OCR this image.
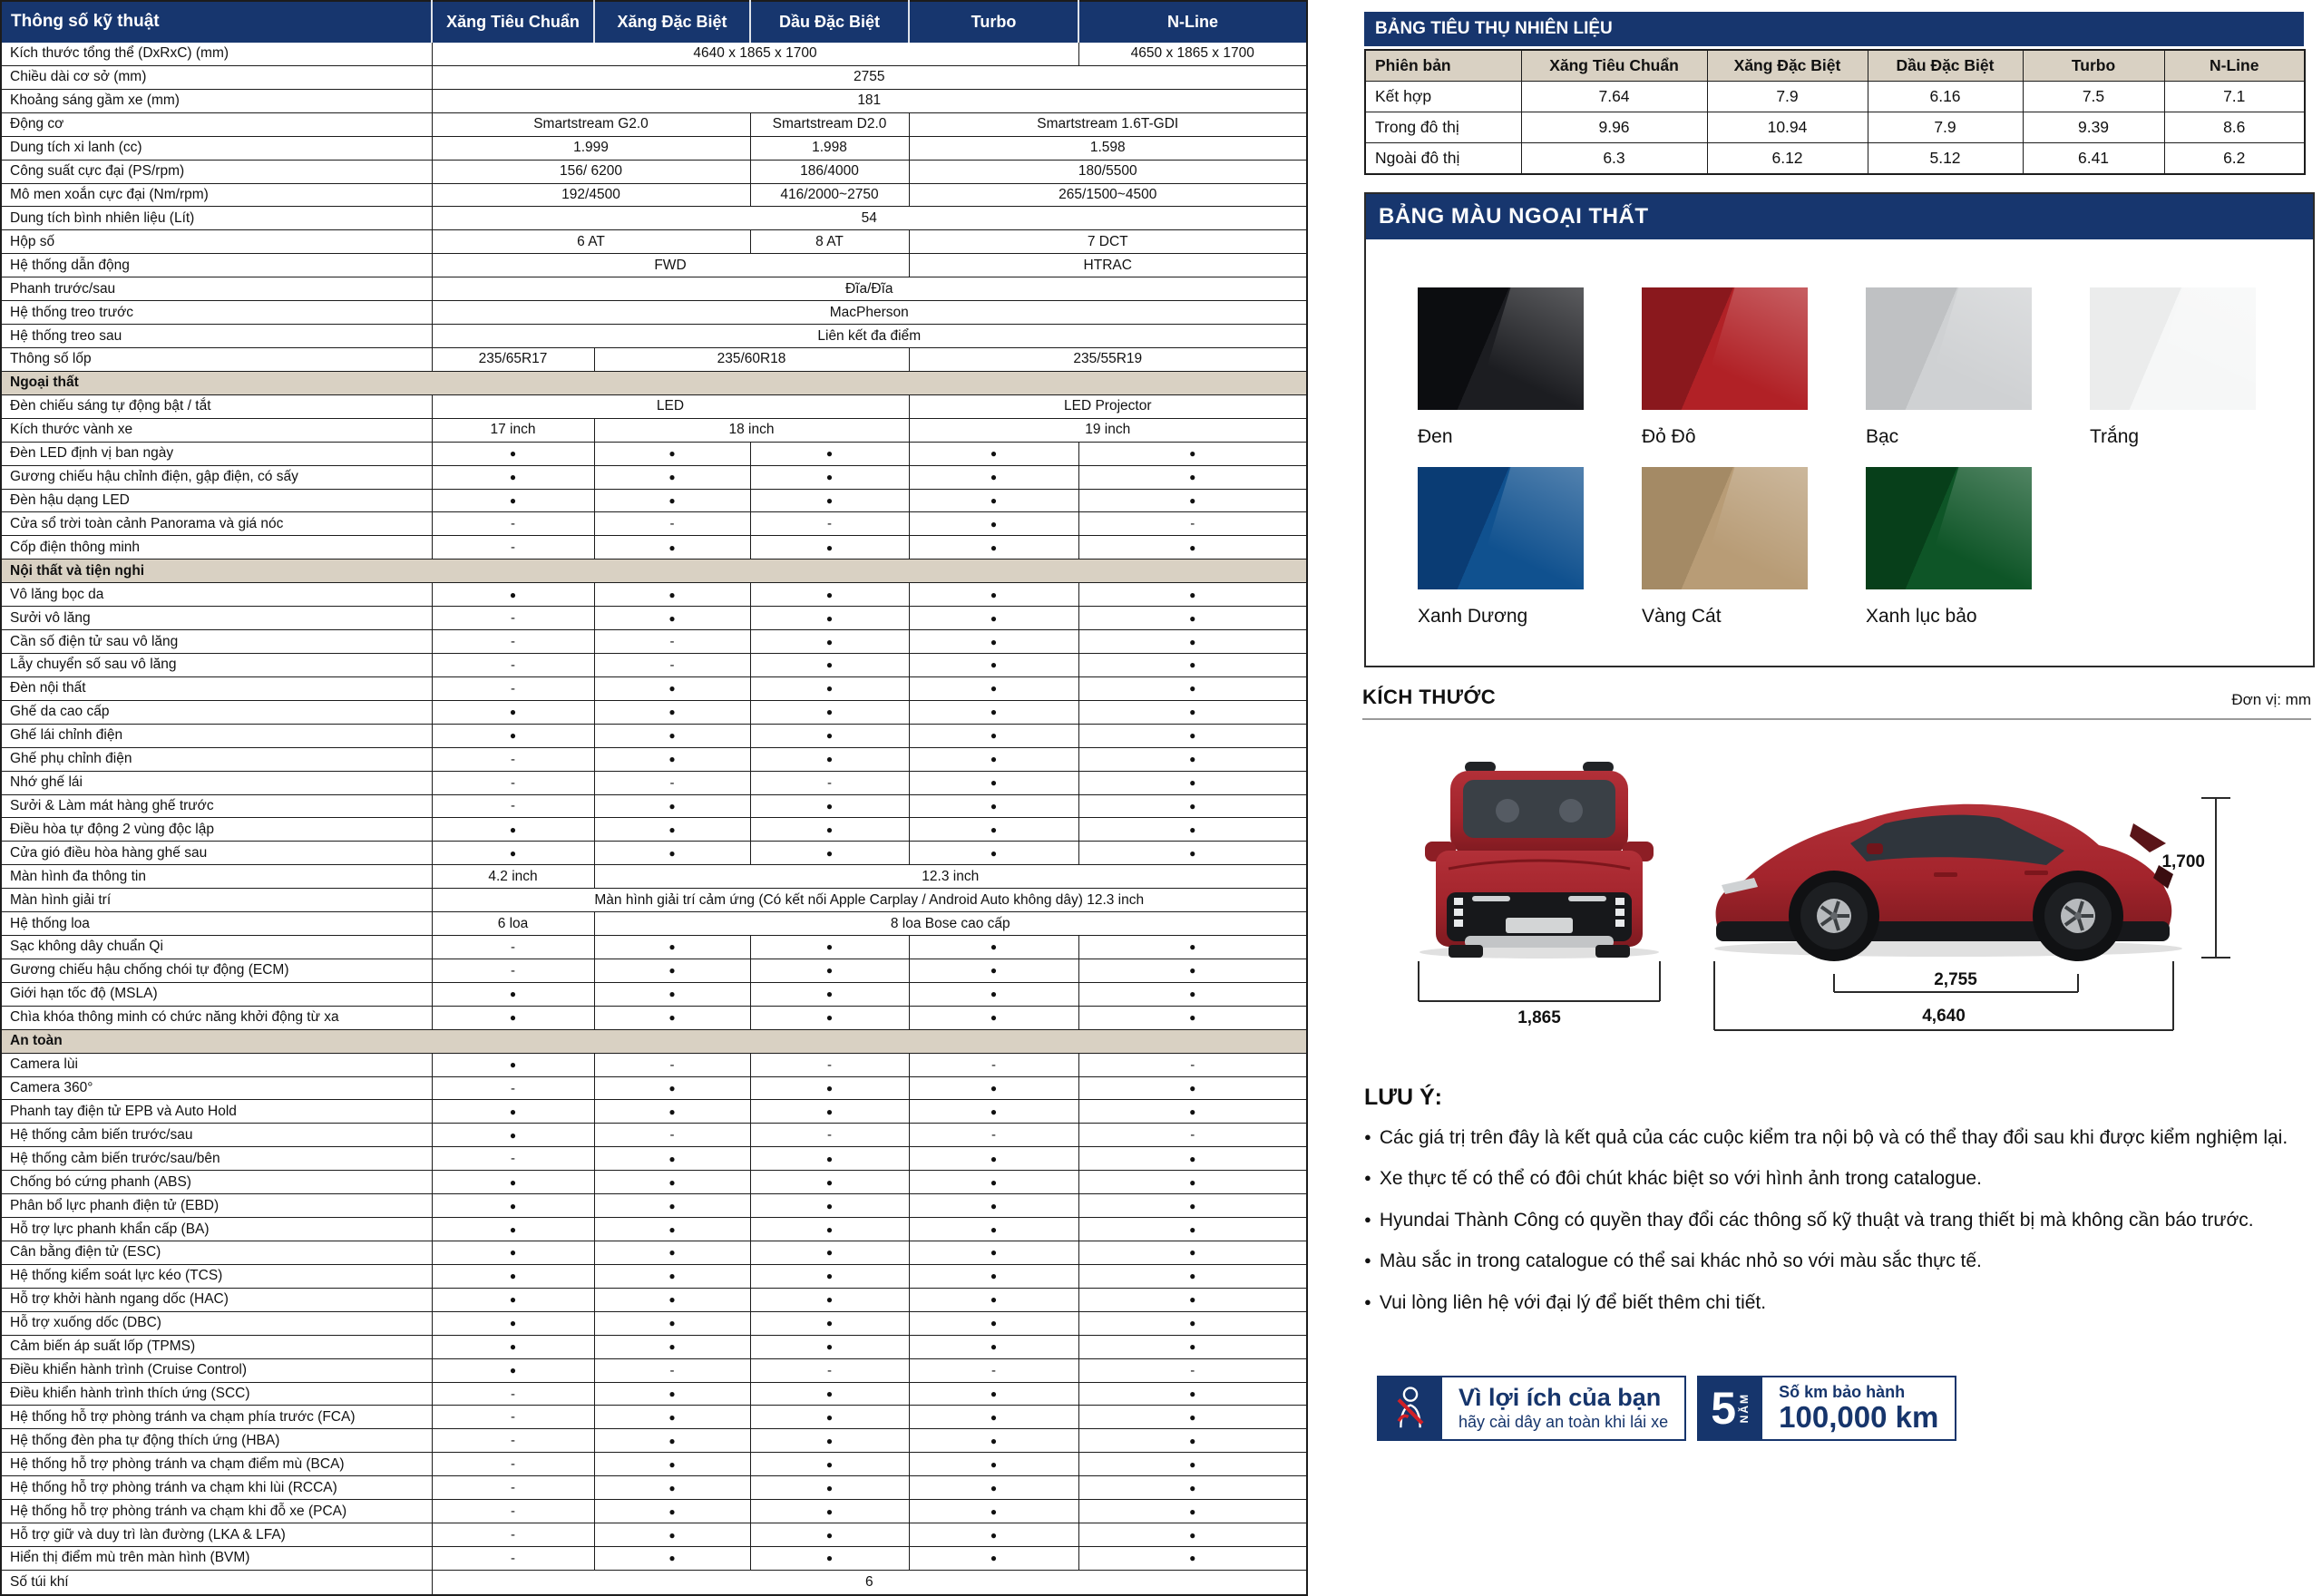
Thông số kỹ thuật	Xăng Tiêu Chuẩn	Xăng Đặc Biệt	Dầu Đặc Biệt	Turbo	N-Line
Kích thước tổng thể (DxRxC) (mm)	4640 x 1865 x 1700				4650 x 1865 x 1700
Chiều dài cơ sở (mm)	2755				
Khoảng sáng gầm xe (mm)	181				
Động cơ	Smartstream G2.0		Smartstream D2.0	Smartstream 1.6T-GDI	
Dung tích xi lanh (cc)	1.999		1.998	1.598	
Công suất cực đại (PS/rpm)	156/ 6200		186/4000	180/5500	
Mô men xoắn cực đại (Nm/rpm)	192/4500		416/2000~2750	265/1500~4500	
Dung tích bình nhiên liệu (Lít)	54				
Hộp số	6 AT		8 AT	7 DCT	
Hệ thống dẫn động	FWD			HTRAC	
Phanh trước/sau	Đĩa/Đĩa				
Hệ thống treo trước	MacPherson				
Hệ thống treo sau	Liên kết đa điểm				
Thông số lốp	235/65R17	235/60R18		235/55R19	
Ngoại thất					
Đèn chiếu sáng tự động bật / tắt	LED			LED Projector	
Kích thước vành xe	17 inch	18 inch		19 inch	
Đèn LED định vị ban ngày	●	●	●	●	●
Gương chiếu hậu chỉnh điện, gập điện, có sấy	●	●	●	●	●
Đèn hậu dạng LED	●	●	●	●	●
Cửa sổ trời toàn cảnh Panorama và giá nóc	-	-	-	●	-
Cốp điện thông minh	-	●	●	●	●
Nội thất và tiện nghi					
Vô lăng bọc da	●	●	●	●	●
Sưởi vô lăng	-	●	●	●	●
Cần số điện tử sau vô lăng	-	-	●	●	●
Lẫy chuyển số sau vô lăng	-	-	●	●	●
Đèn nội thất	-	●	●	●	●
Ghế da cao cấp	●	●	●	●	●
Ghế lái chỉnh điện	●	●	●	●	●
Ghế phụ chỉnh điện	-	●	●	●	●
Nhớ ghế lái	-	-	-	●	●
Sưởi & Làm mát hàng ghế trước	-	●	●	●	●
Điều hòa tự động 2 vùng độc lập	●	●	●	●	●
Cửa gió điều hòa hàng ghế sau	●	●	●	●	●
Màn hình đa thông tin	4.2 inch	12.3 inch			
Màn hình giải trí	Màn hình giải trí cảm ứng (Có kết nối Apple Carplay / Android Auto không dây) 12.3 inch				
Hệ thống loa	6 loa	8 loa Bose cao cấp			
Sạc không dây chuẩn Qi	-	●	●	●	●
Gương chiếu hậu chống chói tự động (ECM)	-	●	●	●	●
Giới hạn tốc độ (MSLA)	●	●	●	●	●
Chìa khóa thông minh có chức năng khởi động từ xa	●	●	●	●	●
An toàn					
Camera lùi	●	-	-	-	-
Camera 360°	-	●	●	●	●
Phanh tay điện tử EPB và Auto Hold	●	●	●	●	●
Hệ thống cảm biến trước/sau	●	-	-	-	-
Hệ thống cảm biến trước/sau/bên	-	●	●	●	●
Chống bó cứng phanh (ABS)	●	●	●	●	●
Phân bổ lực phanh điện tử (EBD)	●	●	●	●	●
Hỗ trợ lực phanh khẩn cấp (BA)	●	●	●	●	●
Cân bằng điện tử (ESC)	●	●	●	●	●
Hệ thống kiểm soát lực kéo (TCS)	●	●	●	●	●
Hỗ trợ khởi hành ngang dốc (HAC)	●	●	●	●	●
Hỗ trợ xuống dốc (DBC)	●	●	●	●	●
Cảm biến áp suất lốp (TPMS)	●	●	●	●	●
Điều khiển hành trình (Cruise Control)	●	-	-	-	-
Điều khiển hành trình thích ứng (SCC)	-	●	●	●	●
Hệ thống hỗ trợ phòng tránh va chạm phía trước (FCA)	-	●	●	●	●
Hệ thống đèn pha tự động thích ứng (HBA)	-	●	●	●	●
Hệ thống hỗ trợ phòng tránh va chạm điểm mù (BCA)	-	●	●	●	●
Hệ thống hỗ trợ phòng tránh va chạm khi lùi (RCCA)	-	●	●	●	●
Hệ thống hỗ trợ phòng tránh va chạm khi đỗ xe (PCA)	-	●	●	●	●
Hỗ trợ giữ và duy trì làn đường (LKA & LFA)	-	●	●	●	●
Hiển thị điểm mù trên màn hình (BVM)	-	●	●	●	●
Số túi khí	6				
BẢNG TIÊU THỤ NHIÊN LIỆU
Phiên bản	Xăng Tiêu Chuẩn	Xăng Đặc Biệt	Dầu Đặc Biệt	Turbo	N-Line
Kết hợp	7.64	7.9	6.16	7.5	7.1
Trong đô thị	9.96	10.94	7.9	9.39	8.6
Ngoài đô thị	6.3	6.12	5.12	6.41	6.2
BẢNG MÀU NGOẠI THẤT
Đen	Đỏ Đô	Bạc	Trắng
Xanh Dương	Vàng Cát	Xanh lục bảo
KÍCH THƯỚC	Đơn vị: mm
1,865
2,755
4,640
1,700
LƯU Ý:
● Các giá trị trên đây là kết quả của các cuộc kiểm tra nội bộ và có thể thay đổi sau khi được kiểm nghiệm lại.
● Xe thực tế có thể có đôi chút khác biệt so với hình ảnh trong catalogue.
● Hyundai Thành Công có quyền thay đổi các thông số kỹ thuật và trang thiết bị mà không cần báo trước.
● Màu sắc in trong catalogue có thể sai khác nhỏ so với màu sắc thực tế.
● Vui lòng liên hệ với đại lý để biết thêm chi tiết.
Vì lợi ích của bạn
hãy cài dây an toàn khi lái xe 5 NĂM
Số km bảo hành
100,000 km
